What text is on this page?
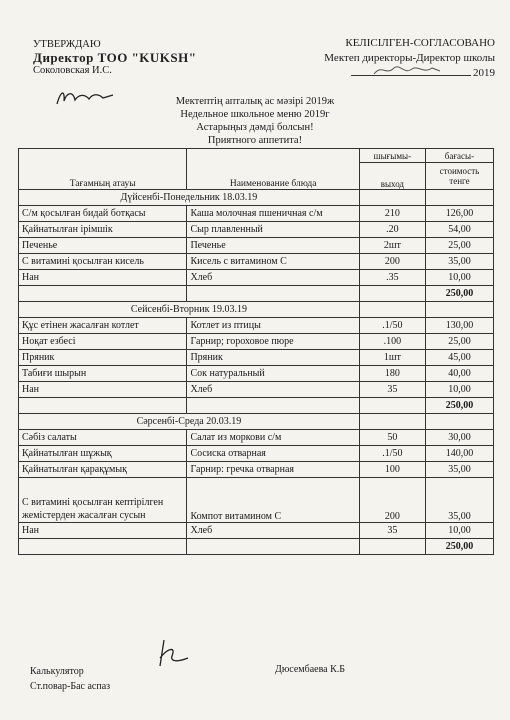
УТВЕРЖДАЮ
Директор ТОО "KUKSH"
Соколовская И.С.
КЕЛІСІЛГЕН-СОГЛАСОВАНО
Мектеп директоры-Директор школы
2019
Мектептің апталық ас мәзірі 2019ж
Недельное школьное меню 2019г
Астарыңыз дәмді болсын!
Приятного аппетита!
Тағамның атауы	Наименование блюда	шығымы-	бағасы-
		выход	стоимость тенге
Дүйсенбі-Понедельник 18.03.19			
С/м қосылған бидай ботқасы	Каша молочная пшеничная с/м	210	126,00
Қайнатылған ірімшік	Сыр плавленный	.20	54,00
Печенье	Печенье	2шт	25,00
С витамині қосылған кисель	Кисель с витамином С	200	35,00
Нан	Хлеб	.35	10,00
			250,00
Сейсенбі-Вторник 19.03.19			
Құс етінен жасалған котлет	Котлет из птицы	.1/50	130,00
Ноқат езбесі	Гарнир; гороховое пюре	.100	25,00
Пряник	Пряник	1шт	45,00
Табиғи шырын	Сок натуральный	180	40,00
Нан	Хлеб	35	10,00
			250,00
Сәрсенбі-Среда 20.03.19			
Сәбіз салаты	Салат из моркови с/м	50	30,00
Қайнатылған шұжық	Сосиска отварная	.1/50	140,00
Қайнатылған қарақұмық	Гарнир: гречка отварная	100	35,00
С витамині қосылған кептірілген жемістерден жасалған сусын	Компот витамином С	200	35,00
Нан	Хлеб	35	10,00
			250,00
Калькулятор
Ст.повар-Бас аспаз
Дюсембаева К.Б
